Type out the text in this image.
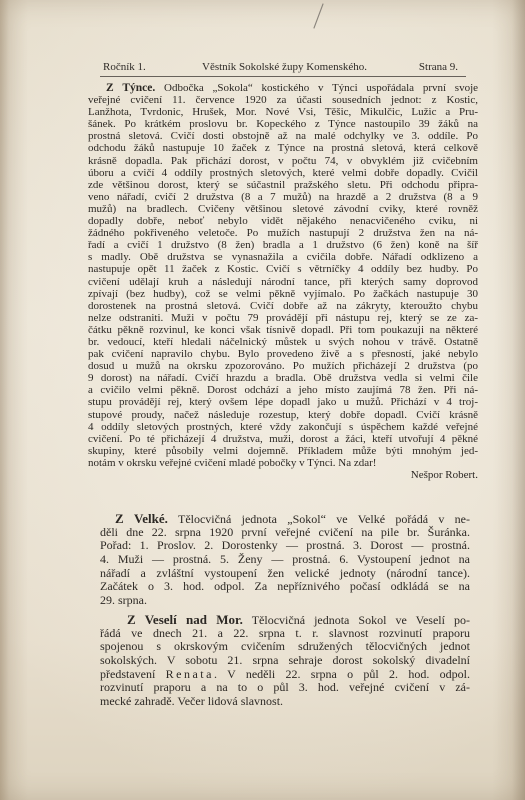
Ročník 1.	Věstník Sokolské župy Komenského.	Strana 9.
Z Týnce. Odbočka „Sokola“ kostického v Týnci uspořádala první svoje
veřejné cvičení 11. července 1920 za účasti sousedních jednot: z Kostic,
Lanžhota, Tvrdonic, Hrušek, Mor. Nové Vsi, Těšic, Mikulčic, Lužic a Pru-
šánek. Po krátkém proslovu br. Kopeckého z Týnce nastoupilo 39 žáků na
prostná sletová. Cvičí dosti obstojně až na malé odchylky ve 3. oddíle. Po
odchodu žáků nastupuje 10 žaček z Týnce na prostná sletová, která celkově
krásně dopadla. Pak přichází dorost, v počtu 74, v obvyklém již cvičebním
úboru a cvičí 4 oddíly prostných sletových, které velmi dobře dopadly. Cvičil
zde většinou dorost, který se súčastnil pražského sletu. Při odchodu připra-
veno nářadí, cvičí 2 družstva (8 a 7 mužů) na hrazdě a 2 družstva (8 a 9
mužů) na bradlech. Cvičeny většinou sletové závodní cviky, které rovněž
dopadly dobře, neboť nebylo vidět nějakého nenacvičeného cviku, ni
žádného pokřiveného veletoče. Po mužích nastupují 2 družstva žen na ná-
řadí a cvičí 1 družstvo (8 žen) bradla a 1 družstvo (6 žen) koně na šíř
s madly. Obě družstva se vynasnažila a cvičila dobře. Nářadí odklizeno a
nastupuje opět 11 žaček z Kostic. Cvičí s větrníčky 4 oddíly bez hudby. Po
cvičení udělají kruh a následují národní tance, při kterých samy doprovod
zpívají (bez hudby), což se velmi pěkně vyjímalo. Po žačkách nastupuje 30
dorostenek na prostná sletová. Cvičí dobře až na zákryty, kteroužto chybu
nelze odstraniti. Muži v počtu 79 provádějí při nástupu rej, který se ze za-
čátku pěkně rozvinul, ke konci však tísnivě dopadl. Při tom poukazuji na některé
br. vedoucí, kteří hledali náčelnický můstek u svých nohou v trávě. Ostatně
pak cvičení napravilo chybu. Bylo provedeno živě a s přesností, jaké nebylo
dosud u mužů na okrsku zpozorováno. Po mužích přicházejí 2 družstva (po
9 dorost) na nářadí. Cvičí hrazdu a bradla. Obě družstva vedla si velmi čile
a cvičilo velmi pěkně. Dorost odchází a jeho místo zaujímá 78 žen. Při ná-
stupu provádějí rej, který ovšem lépe dopadl jako u mužů. Přichází v 4 troj-
stupové proudy, načež následuje rozestup, který dobře dopadl. Cvičí krásně
4 oddíly sletových prostných, které vždy zakončují s úspěchem každé veřejné
cvičení. Po té přicházejí 4 družstva, muži, dorost a žáci, kteří utvořují 4 pěkné
skupiny, které působily velmi dojemně. Příkladem může býti mnohým jed-
notám v okrsku veřejné cvičení mladé pobočky v Týnci. Na zdar!
Nešpor Robert.
Z Velké. Tělocvičná jednota „Sokol“ ve Velké pořádá v ne-
děli dne 22. srpna 1920 první veřejné cvičení na pile br. Šuránka.
Pořad: 1. Proslov. 2. Dorostenky — prostná. 3. Dorost — prostná.
4. Muži — prostná. 5. Ženy — prostná. 6. Vystoupení jednot na
nářadí a zvláštní vystoupení žen velické jednoty (národní tance).
Začátek o 3. hod. odpol. Za nepříznivého počasí odkládá se na
29. srpna.
Z Veselí nad Mor. Tělocvičná jednota Sokol ve Veselí po-
řádá ve dnech 21. a 22. srpna t. r. slavnost rozvinutí praporu
spojenou s okrskovým cvičením sdružených tělocvičných jednot
sokolských. V sobotu 21. srpna sehraje dorost sokolský divadelní
představení Renata. V neděli 22. srpna o půl 2. hod. odpol.
rozvinutí praporu a na to o půl 3. hod. veřejné cvičení v zá-
mecké zahradě. Večer lidová slavnost.
